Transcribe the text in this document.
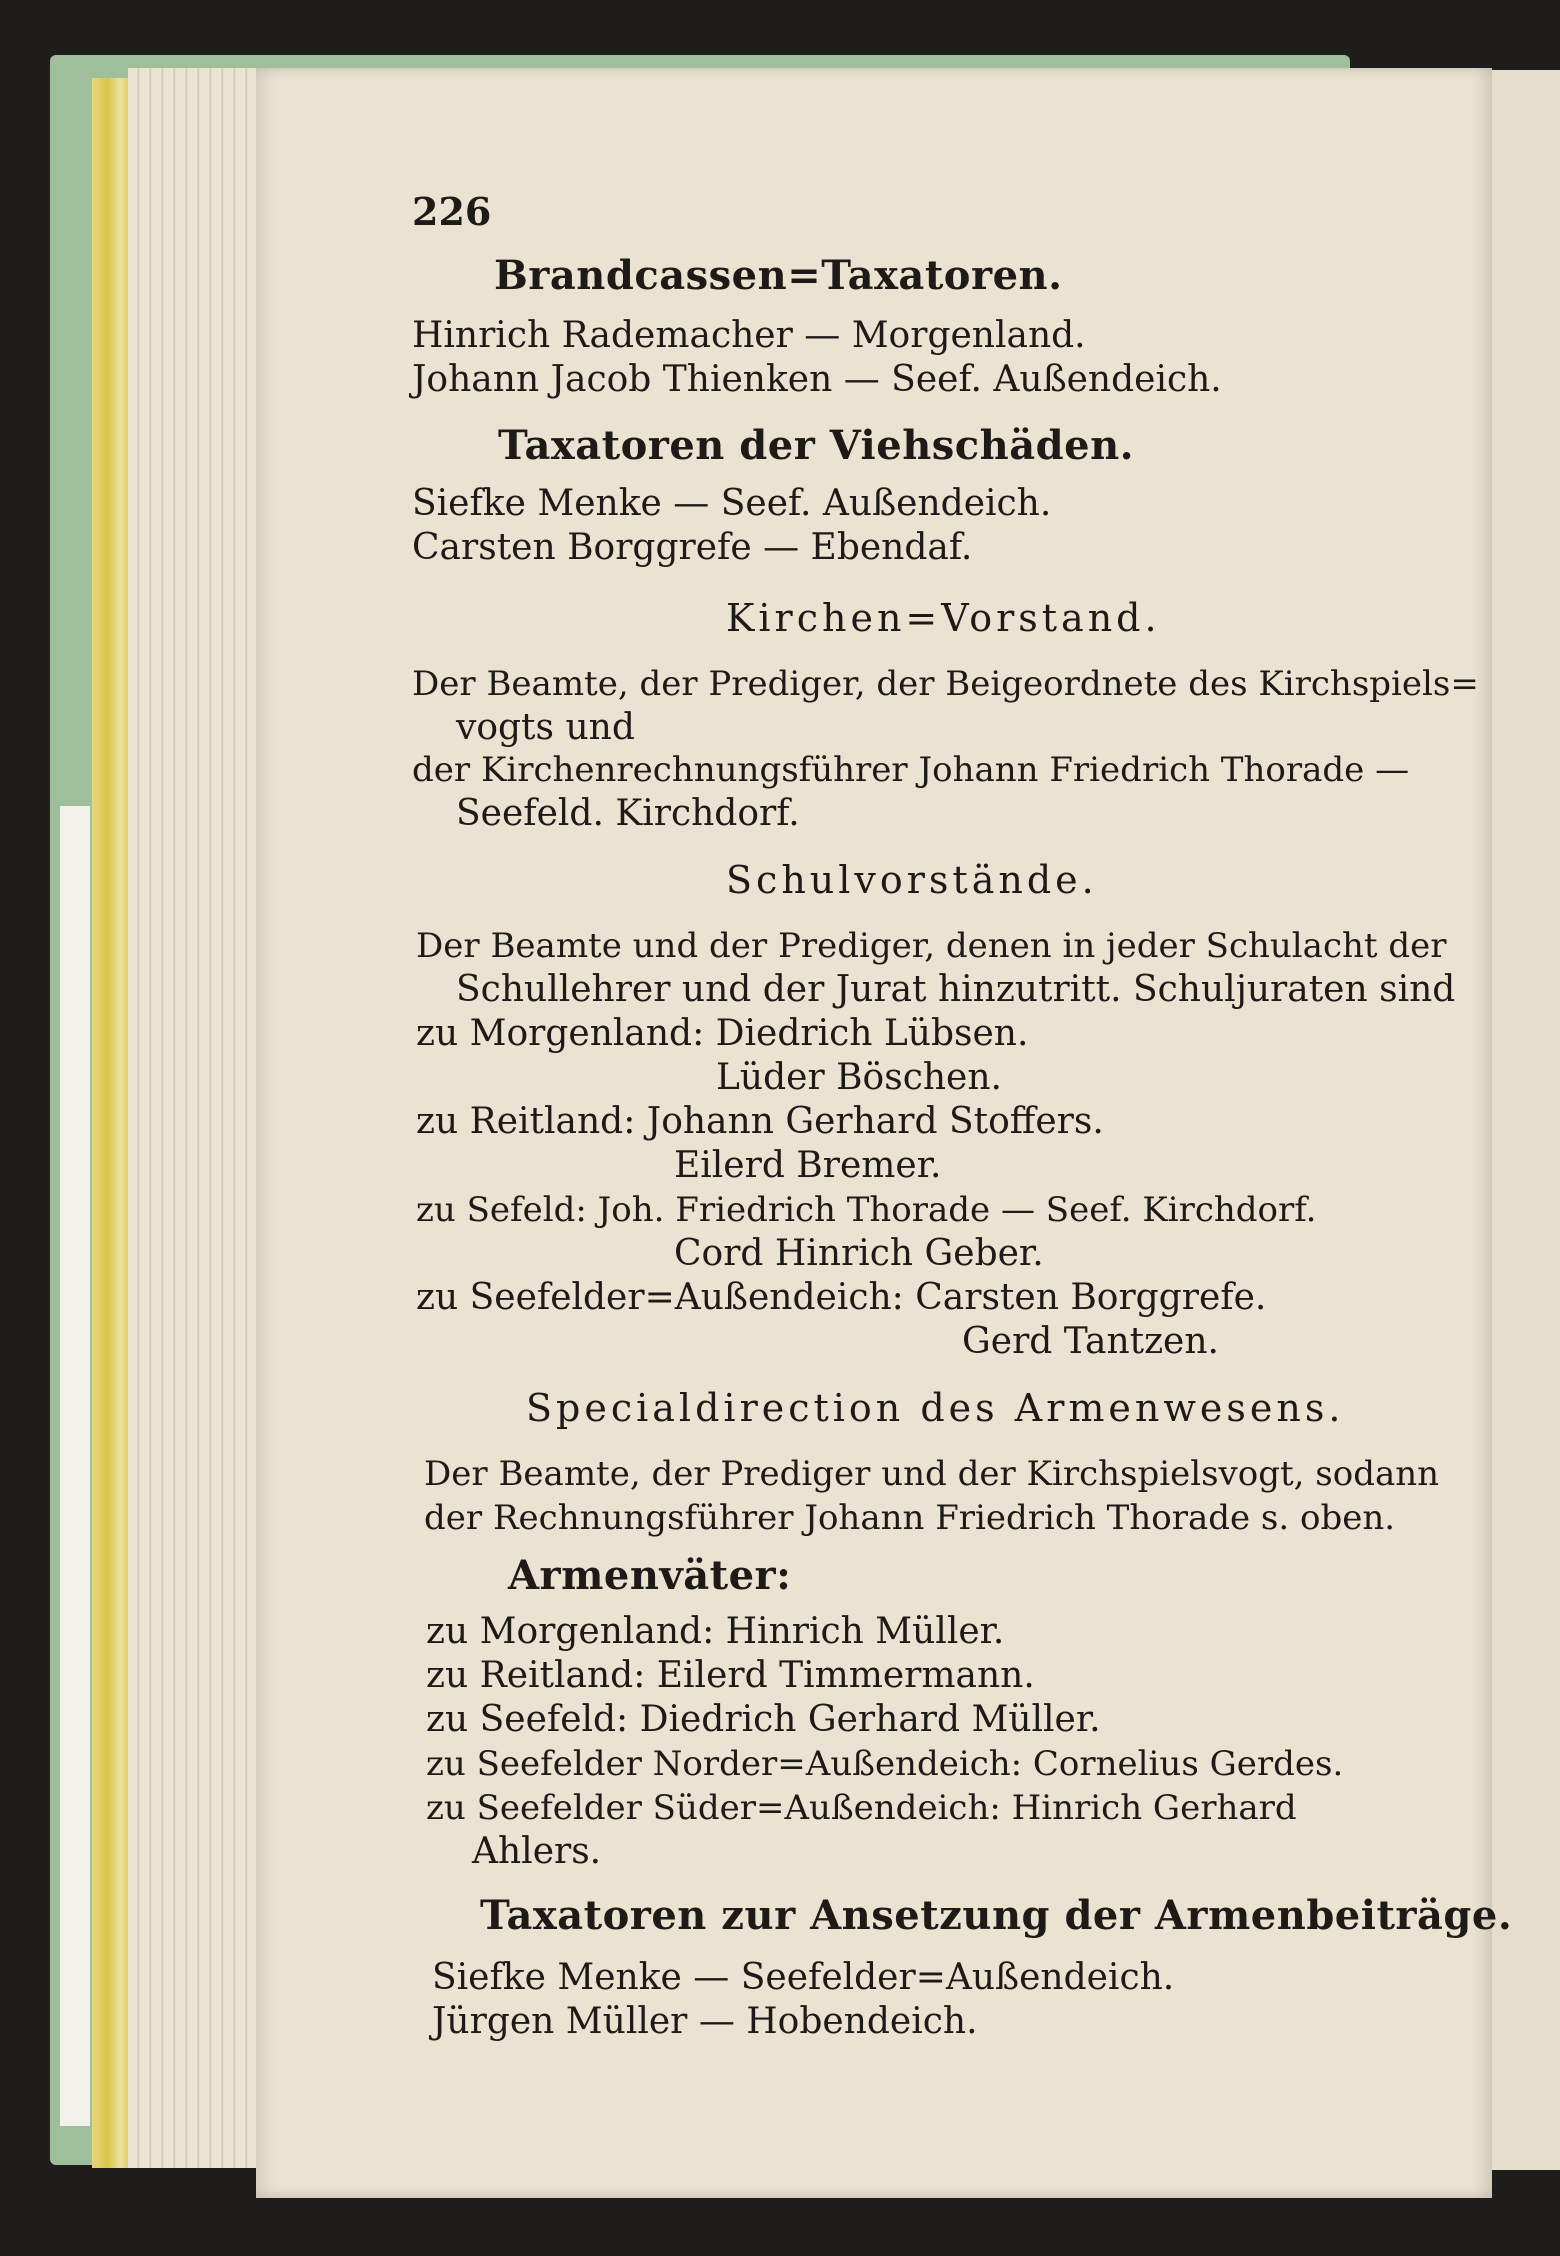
226
Brandcassen=Taxatoren.
Hinrich Rademacher — Morgenland.
Johann Jacob Thienken — Seef. Außendeich.
Taxatoren der Viehschäden.
Siefke Menke — Seef. Außendeich.
Carsten Borggrefe — Ebendaf.
Kirchen=Vorstand.
Der Beamte, der Prediger, der Beigeordnete des Kirchspiels=
vogts und
der Kirchenrechnungsführer Johann Friedrich Thorade —
Seefeld. Kirchdorf.
Schulvorstände.
Der Beamte und der Prediger, denen in jeder Schulacht der
Schullehrer und der Jurat hinzutritt. Schuljuraten sind
zu Morgenland: Diedrich Lübsen.
Lüder Böschen.
zu Reitland: Johann Gerhard Stoffers.
Eilerd Bremer.
zu Sefeld: Joh. Friedrich Thorade — Seef. Kirchdorf.
Cord Hinrich Geber.
zu Seefelder=Außendeich: Carsten Borggrefe.
Gerd Tantzen.
Specialdirection des Armenwesens.
Der Beamte, der Prediger und der Kirchspielsvogt, sodann
der Rechnungsführer Johann Friedrich Thorade s. oben.
Armenväter:
zu Morgenland: Hinrich Müller.
zu Reitland: Eilerd Timmermann.
zu Seefeld: Diedrich Gerhard Müller.
zu Seefelder Norder=Außendeich: Cornelius Gerdes.
zu Seefelder Süder=Außendeich: Hinrich Gerhard
Ahlers.
Taxatoren zur Ansetzung der Armenbeiträge.
Siefke Menke — Seefelder=Außendeich.
Jürgen Müller — Hobendeich.
